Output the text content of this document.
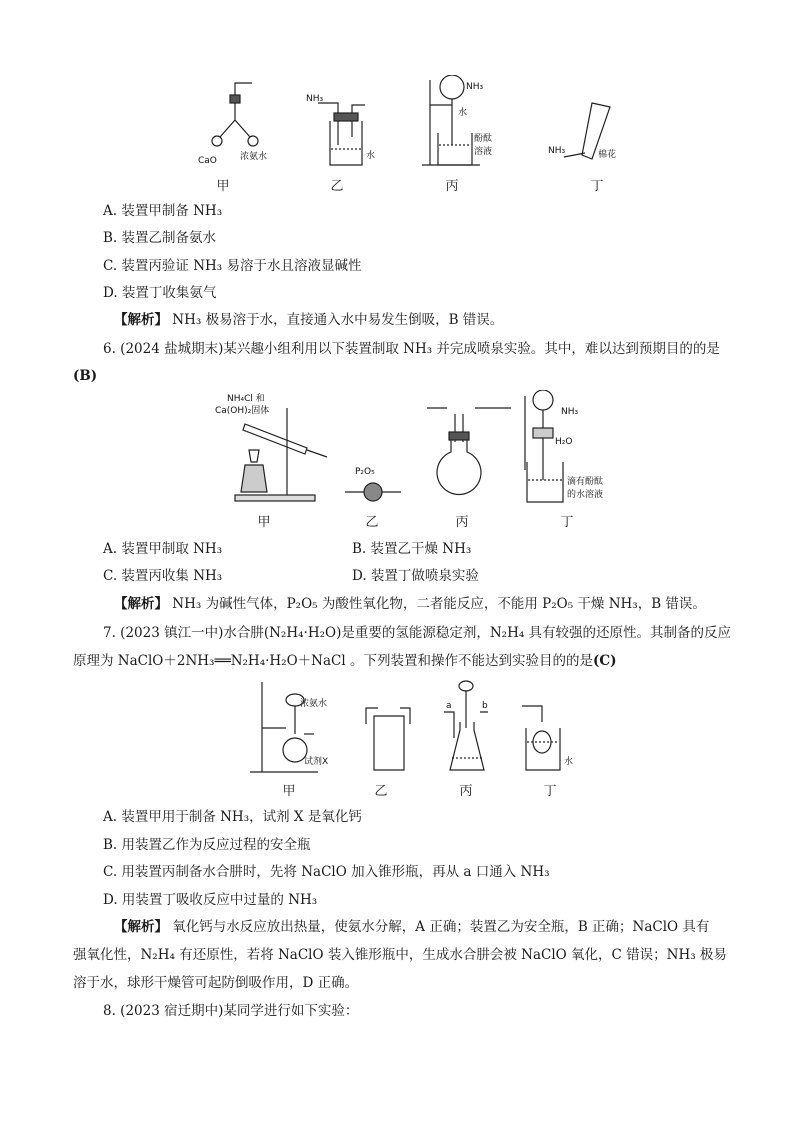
CaO	浓氨水
NH₃
水
NH₃
水
酚酞
溶液	NH₃	棉花
甲	乙	丙	丁
A. 装置甲制备 NH₃
B. 装置乙制备氨水
C. 装置丙验证 NH₃ 易溶于水且溶液显碱性
D. 装置丁收集氨气
【解析】 NH₃ 极易溶于水，直接通入水中易发生倒吸，B 错误。
6. (2024 盐城期末)某兴趣小组利用以下装置制取 NH₃ 并完成喷泉实验。其中，难以达到预期目的的是
(B)
NH₄Cl 和
Ca(OH)₂固体
P₂O₅
NH₃
H₂O
滴有酚酞
的水溶液
甲	乙	丙	丁
A. 装置甲制取 NH₃	B. 装置乙干燥 NH₃
C. 装置丙收集 NH₃	D. 装置丁做喷泉实验
【解析】 NH₃ 为碱性气体，P₂O₅ 为酸性氧化物，二者能反应，不能用 P₂O₅ 干燥 NH₃，B 错误。
7. (2023 镇江一中)水合肼(N₂H₄·H₂O)是重要的氢能源稳定剂，N₂H₄ 具有较强的还原性。其制备的反应
原理为 NaClO＋2NH₃══N₂H₄·H₂O＋NaCl 。下列装置和操作不能达到实验目的的是(C)
浓氨水
试剂X
a	b
水
甲	乙	丙	丁
A. 装置甲用于制备 NH₃，试剂 X 是氧化钙
B. 用装置乙作为反应过程的安全瓶
C. 用装置丙制备水合肼时，先将 NaClO 加入锥形瓶，再从 a 口通入 NH₃
D. 用装置丁吸收反应中过量的 NH₃
【解析】 氧化钙与水反应放出热量，使氨水分解，A 正确；装置乙为安全瓶，B 正确；NaClO 具有
强氧化性，N₂H₄ 有还原性，若将 NaClO 装入锥形瓶中，生成水合肼会被 NaClO 氧化，C 错误；NH₃ 极易
溶于水，球形干燥管可起防倒吸作用，D 正确。
8. (2023 宿迁期中)某同学进行如下实验：
